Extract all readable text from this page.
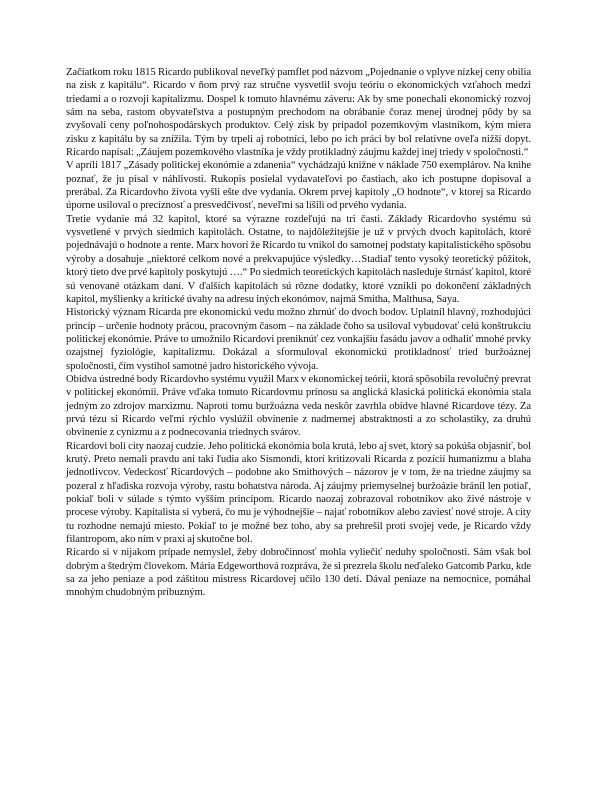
Začiatkom roku 1815 Ricardo publikoval neveľký pamflet pod názvom „Pojednanie o vplyve nízkej ceny obilia na zisk z kapitálu“. Ricardo v ňom prvý raz stručne vysvetlil svoju teóriu o ekonomických vzťahoch medzi triedami a o rozvoji kapitalizmu. Dospel k tomuto hlavnému záveru: Ak by sme ponechali ekonomický rozvoj sám na seba, rastom obyvateľstva a postupným prechodom na obrábanie čoraz menej úrodnej pôdy by sa zvyšovali ceny poľnohospodárskych produktov. Celý zisk by pripadol pozemkovým vlastníkom, kým miera zisku z kapitálu by sa znížila. Tým by trpeli aj robotníci, lebo po ich práci by bol relatívne oveľa nižší dopyt. Ricardo napísal: „Záujem pozemkového vlastníka je vždy protikladný záujmu každej inej triedy v spoločnosti.“

V apríli 1817 „Zásady politickej ekonómie a zdanenia“ vychádzajú knižne v náklade 750 exemplárov. Na knihe poznať, že ju písal v náhlivosti. Rukopis posielal vydavateľovi po častiach, ako ich postupne dopisoval a prerábal. Za Ricardovho života vyšli ešte dve vydania. Okrem prvej kapitoly „O hodnote“, v ktorej sa Ricardo úporne usiloval o precíznosť a presvedčivosť, neveľmi sa líšili od prvého vydania.

Tretie vydanie má 32 kapitol, ktoré sa výrazne rozdeľujú na tri časti. Základy Ricardovho systému sú vysvetlené v prvých siedmich kapitolách. Ostatne, to najdôležitejšie je už v prvých dvoch kapitolách, ktoré pojednávajú o hodnote a rente. Marx hovorí že Ricardo tu vnikol do samotnej podstaty kapitalistického spôsobu výroby a dosahuje „niektoré celkom nové a prekvapujúce výsledky…Stadiaľ tento vysoký teoretický pôžitok, ktorý tieto dve prvé kapitoly poskytujú ….“ Po siedmich teoretických kapitolách nasleduje štrnásť kapitol, ktoré sú venované otázkam daní. V ďalších kapitolách sú rôzne dodatky, ktoré vznikli po dokončení základných kapitol, myšlienky a kritické úvahy na adresu iných ekonómov, najmä Smitha, Malthusa, Saya.

Historický význam Ricarda pre ekonomickú vedu možno zhrnúť do dvoch bodov. Uplatnil hlavný, rozhodujúci princíp – určenie hodnoty prácou, pracovným časom – na základe čoho sa usiloval vybudovať celú konštrukciu politickej ekonómie. Práve to umožnilo Ricardovi preniknúť cez vonkajšiu fasádu javov a odhaliť mnohé prvky ozajstnej fyziológie, kapitalizmu. Dokázal a sformuloval ekonomickú protikladnosť tried buržoáznej spoločnosti, čím vystihol samotné jadro historického vývoja.

Obidva ústredné body Ricardovho systému využil Marx v ekonomickej teórii, ktorá spôsobila revolučný prevrat v politickej ekonómii. Práve vďaka tomuto Ricardovmu prínosu sa anglická klasická politická ekonómia stala jedným zo zdrojov marxizmu. Naproti tomu buržoázna veda neskôr zavrhla obidve hlavné Ricardove tézy. Za prvú tézu si Ricardo veľmi rýchlo vyslúžil obvinenie z nadmernej abstraktnosti a zo scholastiky, za druhú obvinenie z cynizmu a z podnecovania triednych svárov.

Ricardovi boli city naozaj cudzie. Jeho politická ekonómia bola krutá, lebo aj svet, ktorý sa pokúša objasniť, bol krutý. Preto nemali pravdu ani takí ľudia ako Sismondi, ktorí kritizovali Ricarda z pozícií humanizmu a blaha jednotlivcov. Vedeckosť Ricardových – podobne ako Smithových – názorov je v tom, že na triedne záujmy sa pozeral z hľadiska rozvoja výroby, rastu bohatstva národa. Aj záujmy priemyselnej buržoázie bránil len potiaľ, pokiaľ boli v súlade s týmto vyšším princípom. Ricardo naozaj zobrazoval robotníkov ako živé nástroje v procese výroby. Kapitalista si vyberá, čo mu je výhodnejšie – najať robotníkov alebo zaviesť nové stroje. A city tu rozhodne nemajú miesto. Pokiaľ to je možné bez toho, aby sa prehrešil proti svojej vede, je Ricardo vždy filantropom, ako ním v praxi aj skutočne bol.

Ricardo si v nijakom prípade nemyslel, žeby dobročinnosť mohla vyliečiť neduhy spoločnosti. Sám však bol dobrým a štedrým človekom. Mária Edgeworthová rozpráva, že si prezrela školu neďaleko Gatcomb Parku, kde sa za jeho peniaze a pod záštitou mistress Ricardovej učilo 130 detí. Dával peniaze na nemocnice, pomáhal mnohým chudobným príbuzným.
